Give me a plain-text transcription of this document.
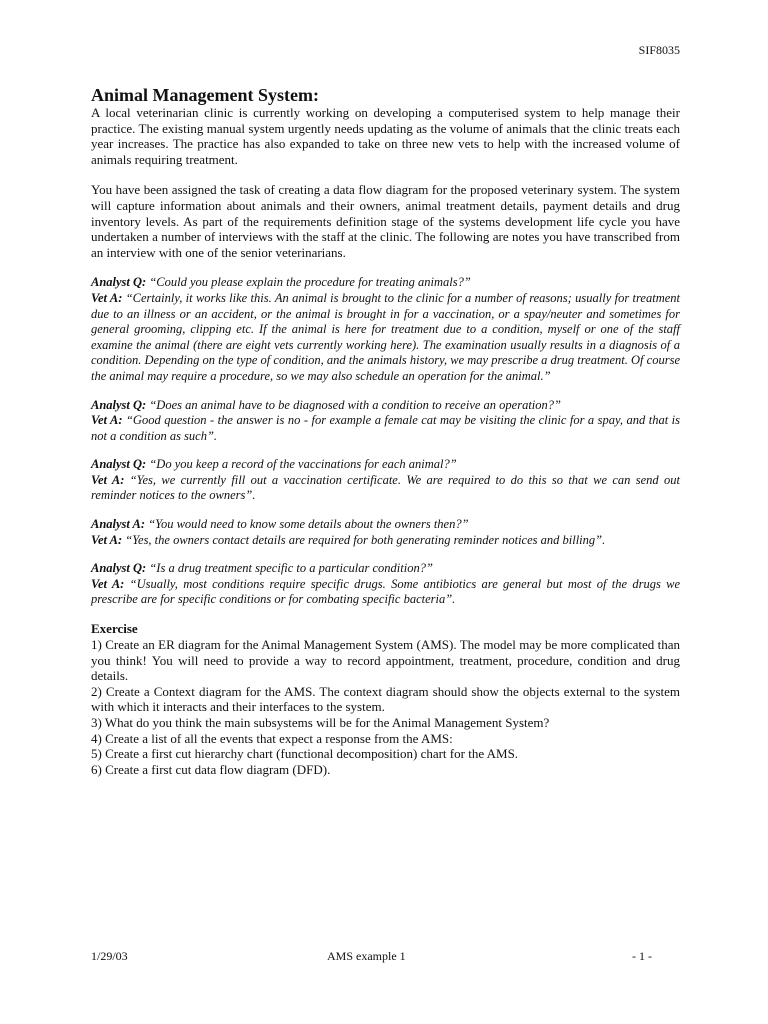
SIF8035
Animal Management System:

A local veterinarian clinic is currently working on developing a computerised system to help manage their practice. The existing manual system urgently needs updating as the volume of animals that the clinic treats each year increases. The practice has also expanded to take on three new vets to help with the increased volume of animals requiring treatment.

You have been assigned the task of creating a data flow diagram for the proposed veterinary system. The system will capture information about animals and their owners, animal treatment details, payment details and drug inventory levels. As part of the requirements definition stage of the systems development life cycle you have undertaken a number of interviews with the staff at the clinic. The following are notes you have transcribed from an interview with one of the senior veterinarians.

Analyst Q: “Could you please explain the procedure for treating animals?”

Vet A: “Certainly, it works like this. An animal is brought to the clinic for a number of reasons; usually for treatment due to an illness or an accident, or the animal is brought in for a vaccination, or a spay/neuter and sometimes for general grooming, clipping etc. If the animal is here for treatment due to a condition, myself or one of the staff examine the animal (there are eight vets currently working here). The examination usually results in a diagnosis of a condition. Depending on the type of condition, and the animals history, we may prescribe a drug treatment. Of course the animal may require a procedure, so we may also schedule an operation for the animal.”

Analyst Q: “Does an animal have to be diagnosed with a condition to receive an operation?”

Vet A: “Good question - the answer is no - for example a female cat may be visiting the clinic for a spay, and that is not a condition as such”.

Analyst Q: “Do you keep a record of the vaccinations for each animal?”

Vet A: “Yes, we currently fill out a vaccination certificate. We are required to do this so that we can send out reminder notices to the owners”.

Analyst A: “You would need to know some details about the owners then?”

Vet A: “Yes, the owners contact details are required for both generating reminder notices and billing”.

Analyst Q: “Is a drug treatment specific to a particular condition?”

Vet A: “Usually, most conditions require specific drugs. Some antibiotics are general but most of the drugs we prescribe are for specific conditions or for combating specific bacteria”.

Exercise

1) Create an ER diagram for the Animal Management System (AMS). The model may be more complicated than you think! You will need to provide a way to record appointment, treatment, procedure, condition and drug details.

2) Create a Context diagram for the AMS. The context diagram should show the objects external to the system with which it interacts and their interfaces to the system.

3) What do you think the main subsystems will be for the Animal Management System?

4) Create a list of all the events that expect a response from the AMS:

5) Create a first cut hierarchy chart (functional decomposition) chart for the AMS.

6) Create a first cut data flow diagram (DFD).

1/29/03	AMS example 1	- 1 -
